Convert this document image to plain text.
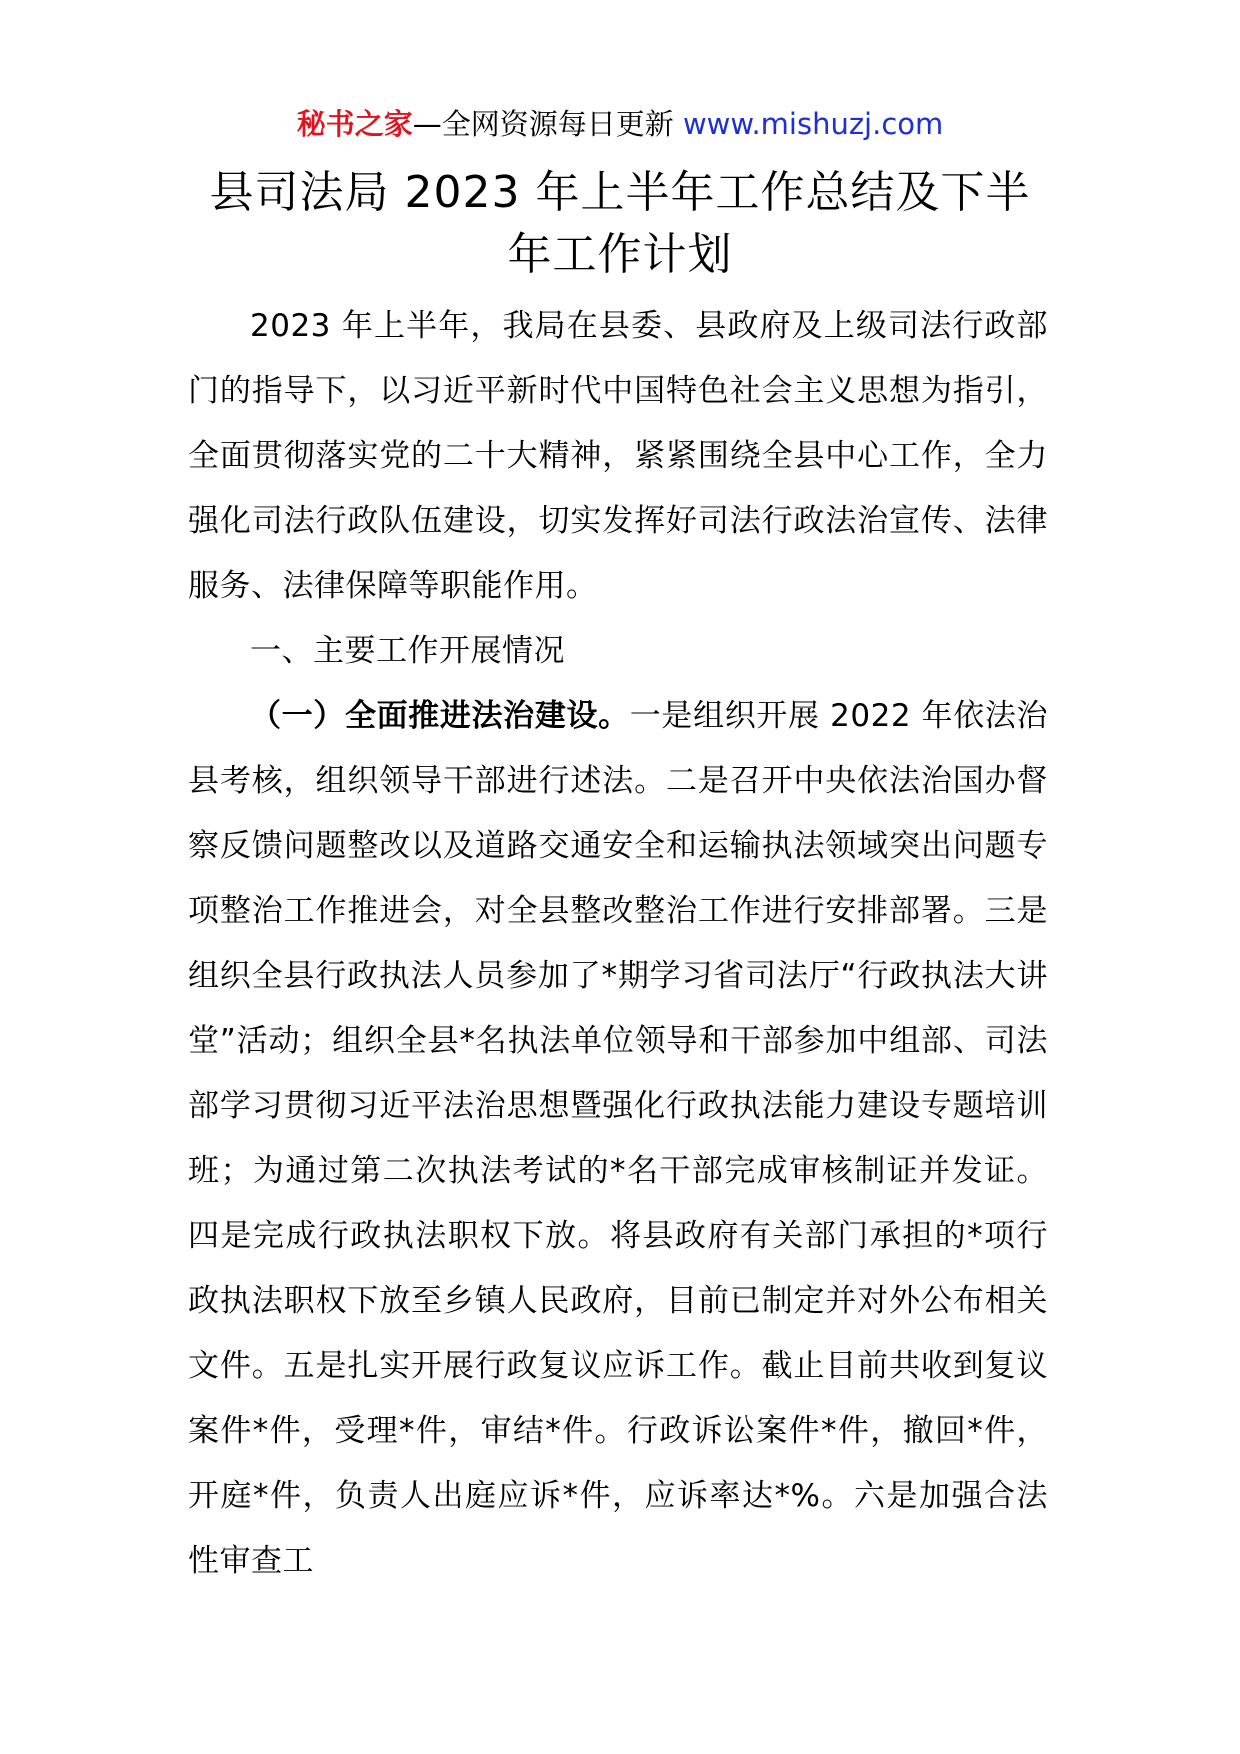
秘书之家—全网资源每日更新 www.mishuzj.com
县司法局 2023 年上半年工作总结及下半
年工作计划

2023 年上半年，我局在县委、县政府及上级司法行政部门的指导下，以习近平新时代中国特色社会主义思想为指引，全面贯彻落实党的二十大精神，紧紧围绕全县中心工作，全力强化司法行政队伍建设，切实发挥好司法行政法治宣传、法律服务、法律保障等职能作用。

一、主要工作开展情况

（一）全面推进法治建设。一是组织开展 2022 年依法治县考核，组织领导干部进行述法。二是召开中央依法治国办督察反馈问题整改以及道路交通安全和运输执法领域突出问题专项整治工作推进会，对全县整改整治工作进行安排部署。三是组织全县行政执法人员参加了*期学习省司法厅“行政执法大讲堂”活动；组织全县*名执法单位领导和干部参加中组部、司法部学习贯彻习近平法治思想暨强化行政执法能力建设专题培训班；为通过第二次执法考试的*名干部完成审核制证并发证。四是完成行政执法职权下放。将县政府有关部门承担的*项行政执法职权下放至乡镇人民政府，目前已制定并对外公布相关文件。五是扎实开展行政复议应诉工作。截止目前共收到复议案件*件，受理*件，审结*件。行政诉讼案件*件，撤回*件，开庭*件，负责人出庭应诉*件，应诉率达*%。六是加强合法性审查工
